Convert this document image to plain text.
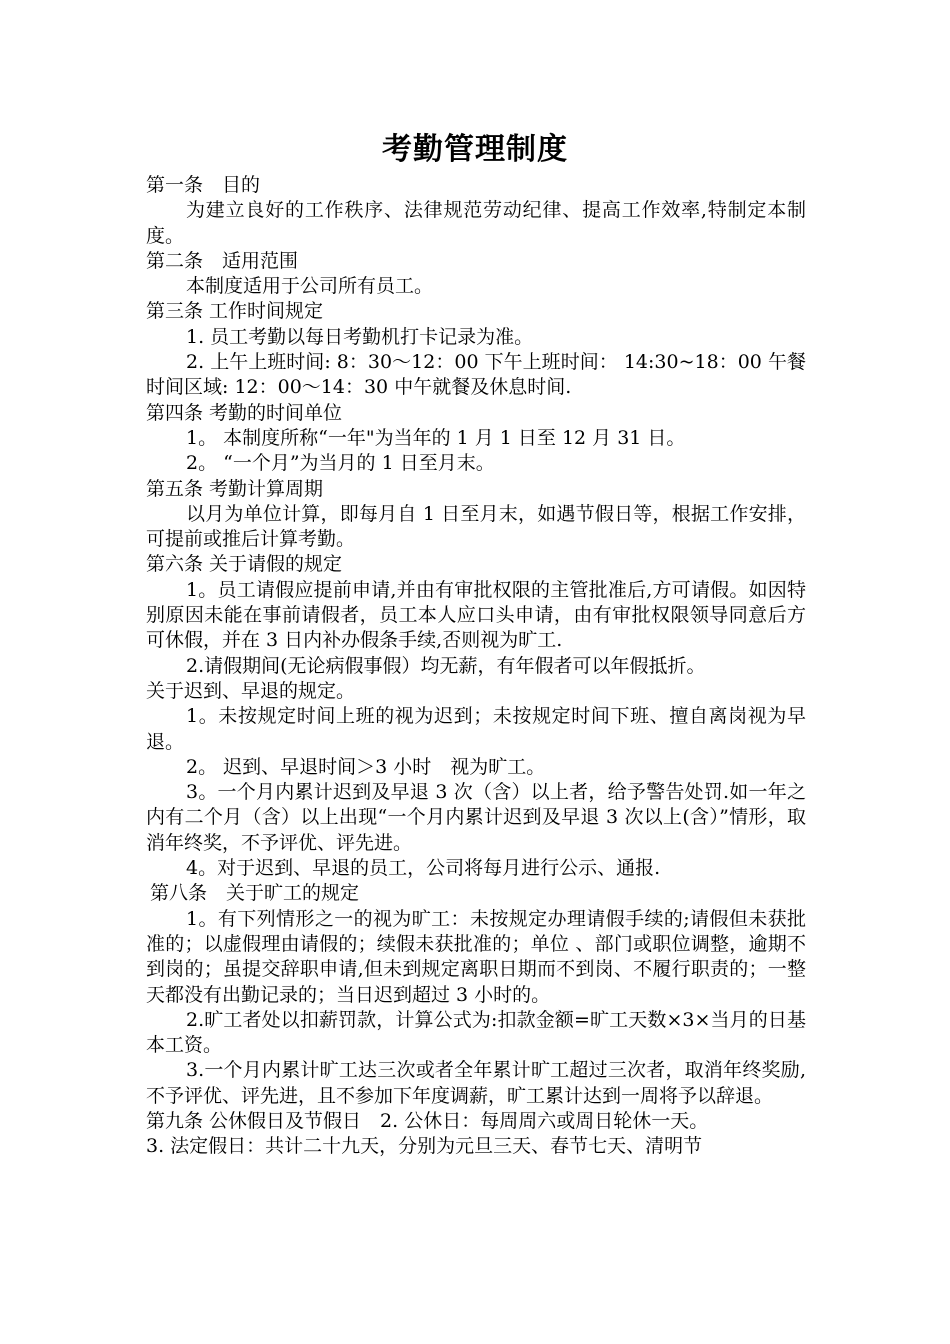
考勤管理制度

第一条　目的

为建立良好的工作秩序、法律规范劳动纪律、提高工作效率,特制定本制度。

第二条　适用范围

本制度适用于公司所有员工。

第三条 工作时间规定

1. 员工考勤以每日考勤机打卡记录为准。

2. 上午上班时间: 8：30～12：00 下午上班时间： 14:30~18：00 午餐时间区域: 12：00～14：30 中午就餐及休息时间.

第四条 考勤的时间单位

1。 本制度所称“一年"为当年的 1 月 1 日至 12 月 31 日。

2。 “一个月”为当月的 1 日至月末。

第五条 考勤计算周期

以月为单位计算，即每月自 1 日至月末，如遇节假日等，根据工作安排，可提前或推后计算考勤。

第六条 关于请假的规定

1。员工请假应提前申请,并由有审批权限的主管批准后,方可请假。如因特别原因未能在事前请假者，员工本人应口头申请，由有审批权限领导同意后方可休假，并在 3 日内补办假条手续,否则视为旷工.

2.请假期间(无论病假事假）均无薪，有年假者可以年假抵折。

关于迟到、早退的规定。

1。未按规定时间上班的视为迟到；未按规定时间下班、擅自离岗视为早退。

2。 迟到、早退时间＞3 小时　视为旷工。

3。一个月内累计迟到及早退 3 次（含）以上者，给予警告处罚.如一年之内有二个月（含）以上出现“一个月内累计迟到及早退 3 次以上(含）”情形，取消年终奖，不予评优、评先进。

4。对于迟到、早退的员工，公司将每月进行公示、通报.

第八条　关于旷工的规定

1。有下列情形之一的视为旷工：未按规定办理请假手续的;请假但未获批准的；以虚假理由请假的；续假未获批准的；单位 、部门或职位调整，逾期不到岗的；虽提交辞职申请,但未到规定离职日期而不到岗、不履行职责的；一整天都没有出勤记录的；当日迟到超过 3 小时的。

2.旷工者处以扣薪罚款，计算公式为:扣款金额=旷工天数×3×当月的日基本工资。

3.一个月内累计旷工达三次或者全年累计旷工超过三次者，取消年终奖励,不予评优、评先进，且不参加下年度调薪，旷工累计达到一周将予以辞退。

第九条 公休假日及节假日　2. 公休日：每周周六或周日轮休一天。

3. 法定假日：共计二十九天，分别为元旦三天、春节七天、清明节
